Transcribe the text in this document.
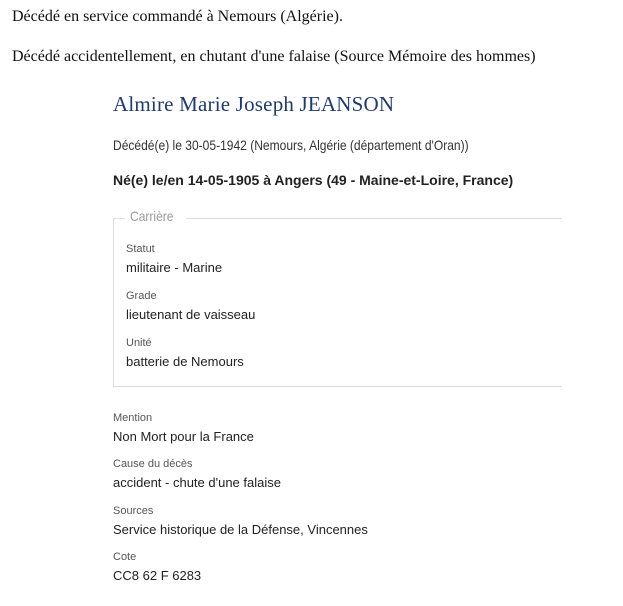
Décédé en service commandé à Nemours (Algérie).
Décédé accidentellement, en chutant d'une falaise (Source Mémoire des hommes)
Almire Marie Joseph JEANSON
Décédé(e) le 30-05-1942 (Nemours, Algérie (département d'Oran))
Né(e) le/en 14-05-1905 à Angers (49 - Maine-et-Loire, France)
Carrière
Statut
militaire - Marine
Grade
lieutenant de vaisseau
Unité
batterie de Nemours
Mention
Non Mort pour la France
Cause du décès
accident - chute d'une falaise
Sources
Service historique de la Défense, Vincennes
Cote
CC8 62 F 6283
